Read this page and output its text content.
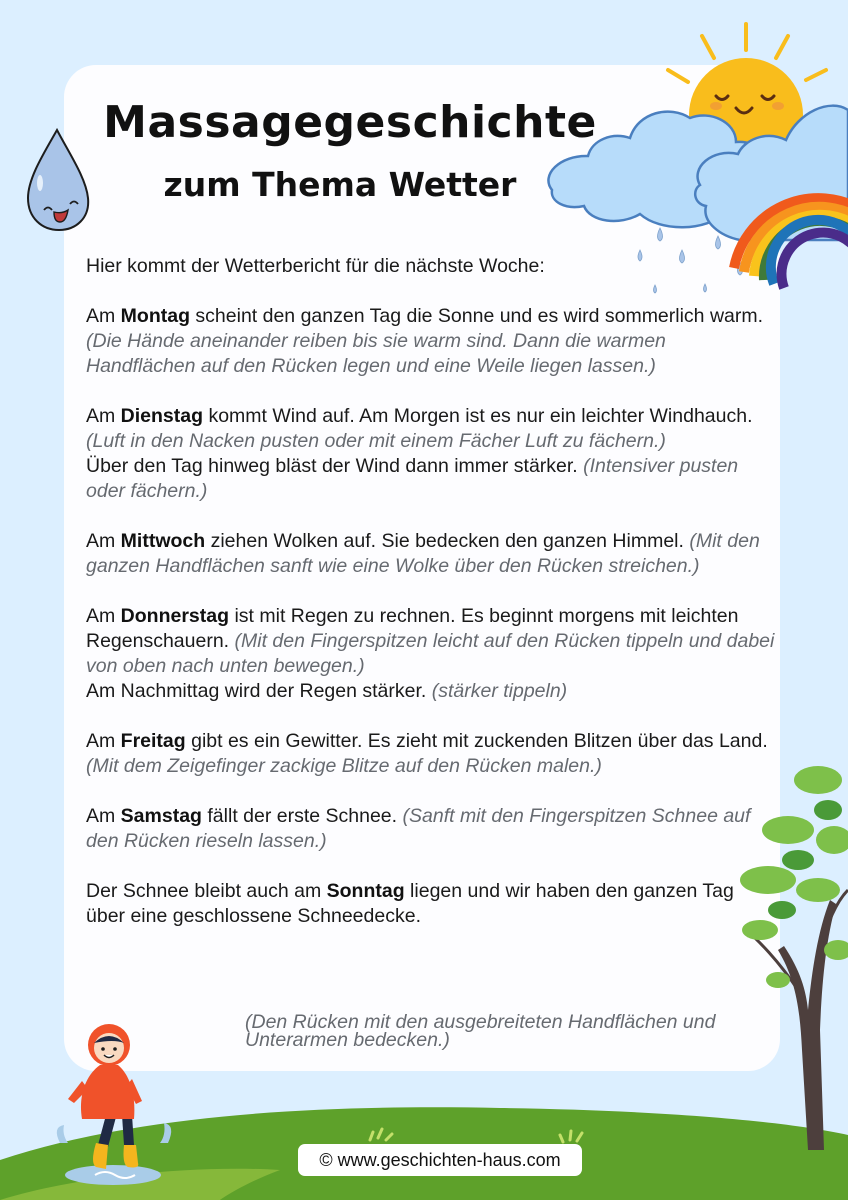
Massagegeschichte
zum Thema Wetter

Hier kommt der Wetterbericht für die nächste Woche:

Am Montag scheint den ganzen Tag die Sonne und es wird sommerlich warm. (Die Hände aneinander reiben bis sie warm sind. Dann die warmen Handflächen auf den Rücken legen und eine Weile liegen lassen.)

Am Dienstag kommt Wind auf. Am Morgen ist es nur ein leichter Windhauch. (Luft in den Nacken pusten oder mit einem Fächer Luft zu fächern.)
Über den Tag hinweg bläst der Wind dann immer stärker. (Intensiver pusten oder fächern.)

Am Mittwoch ziehen Wolken auf. Sie bedecken den ganzen Himmel. (Mit den ganzen Handflächen sanft wie eine Wolke über den Rücken streichen.)

Am Donnerstag ist mit Regen zu rechnen. Es beginnt morgens mit leichten Regenschauern. (Mit den Fingerspitzen leicht auf den Rücken tippeln und dabei von oben nach unten bewegen.)
Am Nachmittag wird der Regen stärker. (stärker tippeln)

Am Freitag gibt es ein Gewitter. Es zieht mit zuckenden Blitzen über das Land. (Mit dem Zeigefinger zackige Blitze auf den Rücken malen.)

Am Samstag fällt der erste Schnee. (Sanft mit den Fingerspitzen Schnee auf den Rücken rieseln lassen.)

Der Schnee bleibt auch am Sonntag liegen und wir haben den ganzen Tag über eine geschlossene Schneedecke.

(Den Rücken mit den ausgebreiteten Handflächen und Unterarmen bedecken.)
© www.geschichten-haus.com
